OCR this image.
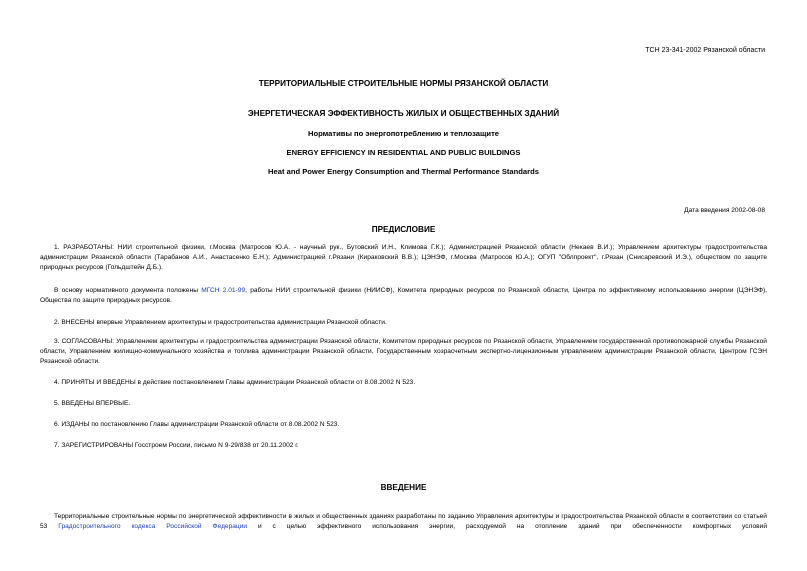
ТСН 23-341-2002 Рязанской области
ТЕРРИТОРИАЛЬНЫЕ СТРОИТЕЛЬНЫЕ НОРМЫ РЯЗАНСКОЙ ОБЛАСТИ
ЭНЕРГЕТИЧЕСКАЯ ЭФФЕКТИВНОСТЬ ЖИЛЫХ И ОБЩЕСТВЕННЫХ ЗДАНИЙ
Нормативы по энергопотреблению и теплозащите
ENERGY EFFICIENCY IN RESIDENTIAL AND PUBLIC BUILDINGS
Heat and Power Energy Consumption and Thermal Performance Standards
Дата введения 2002-08-08
ПРЕДИСЛОВИЕ
1. РАЗРАБОТАНЫ: НИИ строительной физики, г.Москва (Матросов Ю.А. - научный рук., Бутовский И.Н., Климова Г.К.); Администрацией Рязанской области (Некаев В.И.); Управлением архитектуры градостроительства администрации Рязанской области (Тарабанов А.И., Анастасенко Е.Н.); Администрацией г.Рязани (Кираковский В.В.); ЦЭНЭФ, г.Москва (Матросов Ю.А.); ОГУП "Облпроект", г.Рязан (Снисаревский И.Э.), обществом по защите природных ресурсов (Гольдштейн Д.Б.).
В основу нормативного документа положены МГСН 2.01-99, работы НИИ строительной физики (НИИСФ), Комитета природных ресурсов по Рязанской области, Центра по эффективному использованию энергии (ЦЭНЭФ), Общества по защите природных ресурсов.
2. ВНЕСЕНЫ впервые Управлением архитектуры и градостроительства администрации Рязанской области.
3. СОГЛАСОВАНЫ: Управлением архитектуры и градостроительства администрации Рязанской области, Комитетом природных ресурсов по Рязанской области, Управлением государственной противопожарной службы Рязанской области, Управлением жилищно-коммунального хозяйства и топлива администрации Рязанской области, Государственным хозрасчетным экспертно-лицензионным управлением администрации Рязанской области, Центром ГСЭН Рязанской области.
4. ПРИНЯТЫ И ВВЕДЕНЫ в действие постановлением Главы администрации Рязанской области от 8.08.2002 N 523.
5. ВВЕДЕНЫ ВПЕРВЫЕ.
6. ИЗДАНЫ по постановлению Главы администрации Рязанской области от 8.08.2002 N 523.
7. ЗАРЕГИСТРИРОВАНЫ Госстроем России, письмо N 9-29/838 от 20.11.2002 г.
ВВЕДЕНИЕ
Территориальные строительные нормы по энергетической эффективности в жилых и общественных зданиях разработаны по заданию Управления архитектуры и градостроительства Рязанской области в соответствии со статьей 53 Градостроительного кодекса Российской Федерации и с целью эффективного использования энергии, расходуемой на отопление зданий при обеспеченности комфортных условий
